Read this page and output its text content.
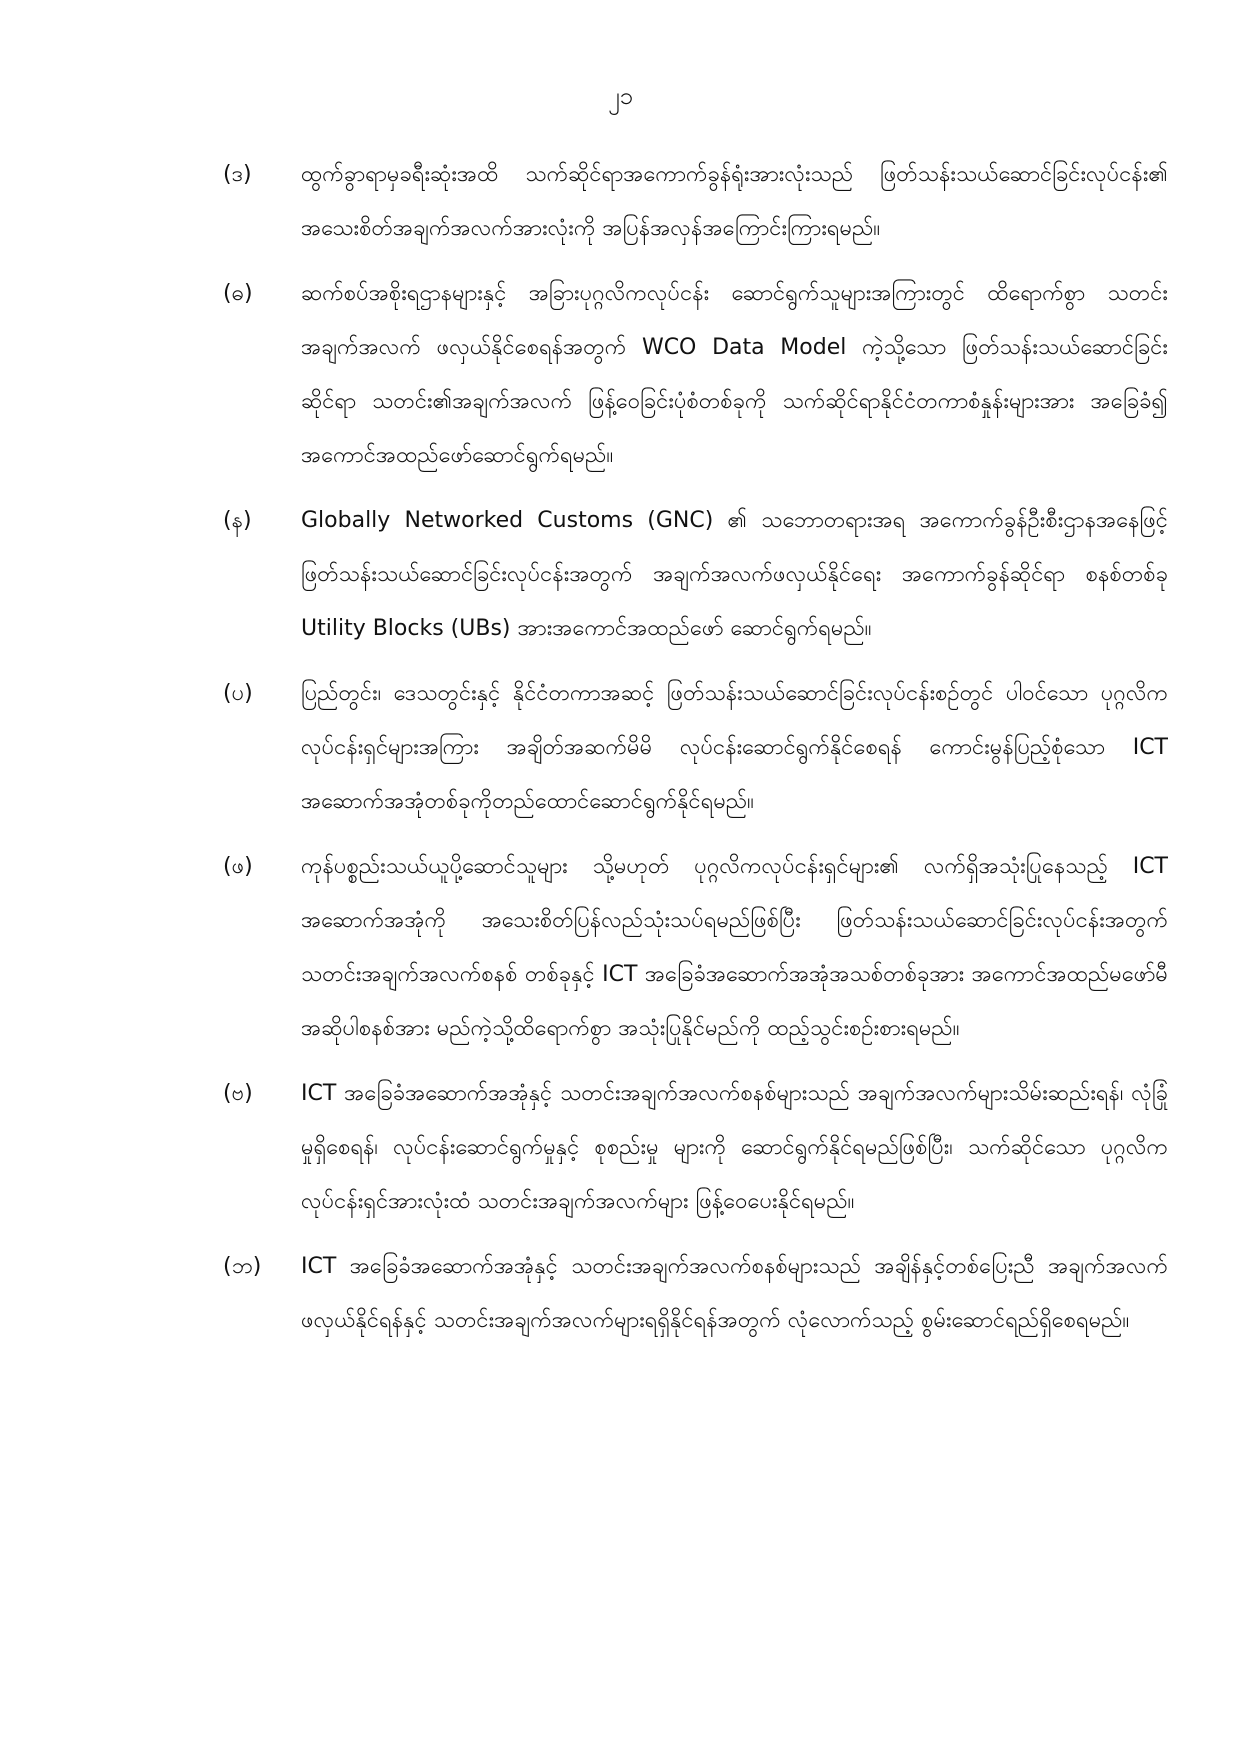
၂၁
(ဒ)	ထွက်ခွာရာမှခရီးဆုံးအထိ သက်ဆိုင်ရာအကောက်ခွန်ရုံးအားလုံးသည် ဖြတ်သန်းသယ်ဆောင်ခြင်းလုပ်ငန်း၏ အသေးစိတ်အချက်အလက်အားလုံးကို အပြန်အလှန်အကြောင်းကြားရမည်။
(ဓ)	ဆက်စပ်အစိုးရဌာနများနှင့် အခြားပုဂ္ဂလိကလုပ်ငန်း ဆောင်ရွက်သူများအကြားတွင် ထိရောက်စွာ သတင်းအချက်အလက် ဖလှယ်နိုင်စေရန်အတွက် WCO Data Model ကဲ့သို့သော ဖြတ်သန်းသယ်ဆောင်ခြင်းဆိုင်ရာ သတင်း၏အချက်အလက် ဖြန့်ဝေခြင်းပုံစံတစ်ခုကို သက်ဆိုင်ရာနိုင်ငံတကာစံနှုန်းများအား အခြေခံ၍ အကောင်အထည်ဖော်ဆောင်ရွက်ရမည်။
(န)	Globally Networked Customs (GNC) ၏ သဘောတရားအရ အကောက်ခွန်ဦးစီးဌာနအနေဖြင့် ဖြတ်သန်းသယ်ဆောင်ခြင်းလုပ်ငန်းအတွက် အချက်အလက်ဖလှယ်နိုင်ရေး အကောက်ခွန်ဆိုင်ရာ စနစ်တစ်ခု Utility Blocks (UBs) အားအကောင်အထည်ဖော် ဆောင်ရွက်ရမည်။
(ပ)	ပြည်တွင်း၊ ဒေသတွင်းနှင့် နိုင်ငံတကာအဆင့် ဖြတ်သန်းသယ်ဆောင်ခြင်းလုပ်ငန်းစဉ်တွင် ပါဝင်သော ပုဂ္ဂလိကလုပ်ငန်းရှင်များအကြား အချိတ်အဆက်မိမိ လုပ်ငန်းဆောင်ရွက်နိုင်စေရန် ကောင်းမွန်ပြည့်စုံသော ICT အဆောက်အအုံတစ်ခုကိုတည်ထောင်ဆောင်ရွက်နိုင်ရမည်။
(ဖ)	ကုန်ပစ္စည်းသယ်ယူပို့ဆောင်သူများ သို့မဟုတ် ပုဂ္ဂလိကလုပ်ငန်းရှင်များ၏ လက်ရှိအသုံးပြုနေသည့် ICT အဆောက်အအုံကို အသေးစိတ်ပြန်လည်သုံးသပ်ရမည်ဖြစ်ပြီး ဖြတ်သန်းသယ်ဆောင်ခြင်းလုပ်ငန်းအတွက် သတင်းအချက်အလက်စနစ် တစ်ခုနှင့် ICT အခြေခံအဆောက်အအုံအသစ်တစ်ခုအား အကောင်အထည်မဖော်မီ အဆိုပါစနစ်အား မည်ကဲ့သို့ထိရောက်စွာ အသုံးပြုနိုင်မည်ကို ထည့်သွင်းစဉ်းစားရမည်။
(ဗ)	ICT အခြေခံအဆောက်အအုံနှင့် သတင်းအချက်အလက်စနစ်များသည် အချက်အလက်များသိမ်းဆည်းရန်၊ လုံခြုံမှုရှိစေရန်၊ လုပ်ငန်းဆောင်ရွက်မှုနှင့် စုစည်းမှု များကို ဆောင်ရွက်နိုင်ရမည်ဖြစ်ပြီး၊ သက်ဆိုင်သော ပုဂ္ဂလိကလုပ်ငန်းရှင်အားလုံးထံ သတင်းအချက်အလက်များ ဖြန့်ဝေပေးနိုင်ရမည်။
(ဘ)	ICT အခြေခံအဆောက်အအုံနှင့် သတင်းအချက်အလက်စနစ်များသည် အချိန်နှင့်တစ်ပြေးညီ အချက်အလက်ဖလှယ်နိုင်ရန်နှင့် သတင်းအချက်အလက်များရရှိနိုင်ရန်အတွက် လုံလောက်သည့် စွမ်းဆောင်ရည်ရှိစေရမည်။
